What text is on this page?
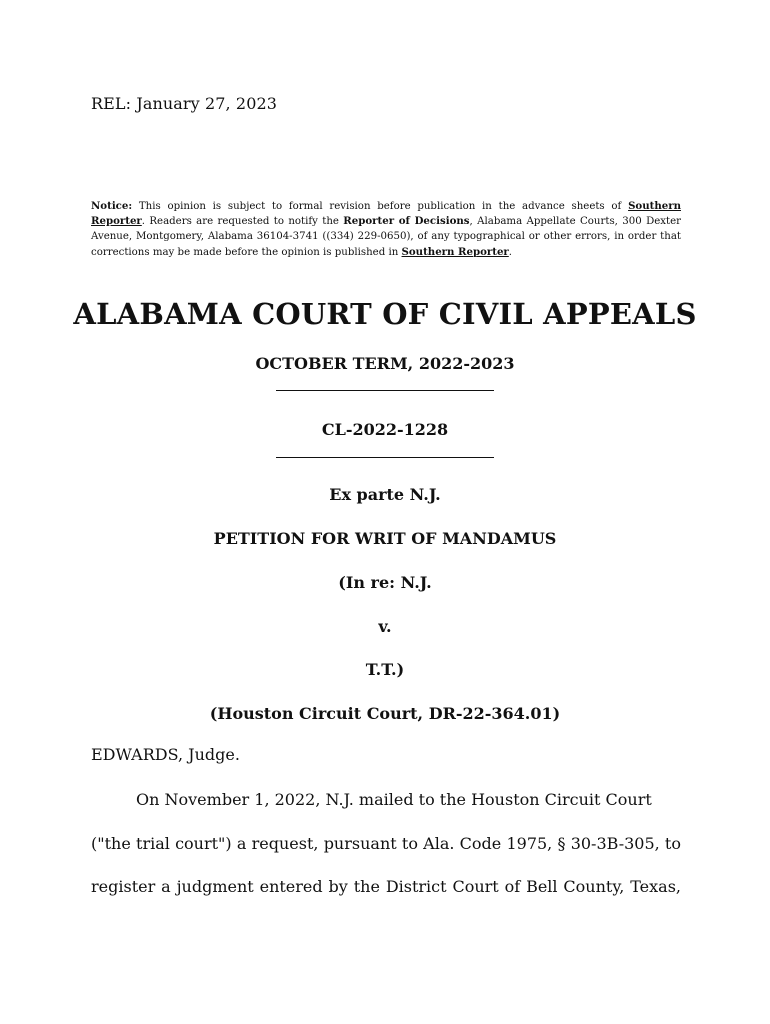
REL: January 27, 2023
Notice: This opinion is subject to formal revision before publication in the advance sheets of Southern Reporter. Readers are requested to notify the Reporter of Decisions, Alabama Appellate Courts, 300 Dexter Avenue, Montgomery, Alabama 36104-3741 ((334) 229-0650), of any typographical or other errors, in order that corrections may be made before the opinion is published in Southern Reporter.
ALABAMA COURT OF CIVIL APPEALS
OCTOBER TERM, 2022-2023
CL-2022-1228
Ex parte N.J.
PETITION FOR WRIT OF MANDAMUS
(In re: N.J.
v.
T.T.)
(Houston Circuit Court, DR-22-364.01)
EDWARDS, Judge.
On November 1, 2022, N.J. mailed to the Houston Circuit Court
("the trial court") a request, pursuant to Ala. Code 1975, § 30-3B-305, to
register a judgment entered by the District Court of Bell County, Texas,
